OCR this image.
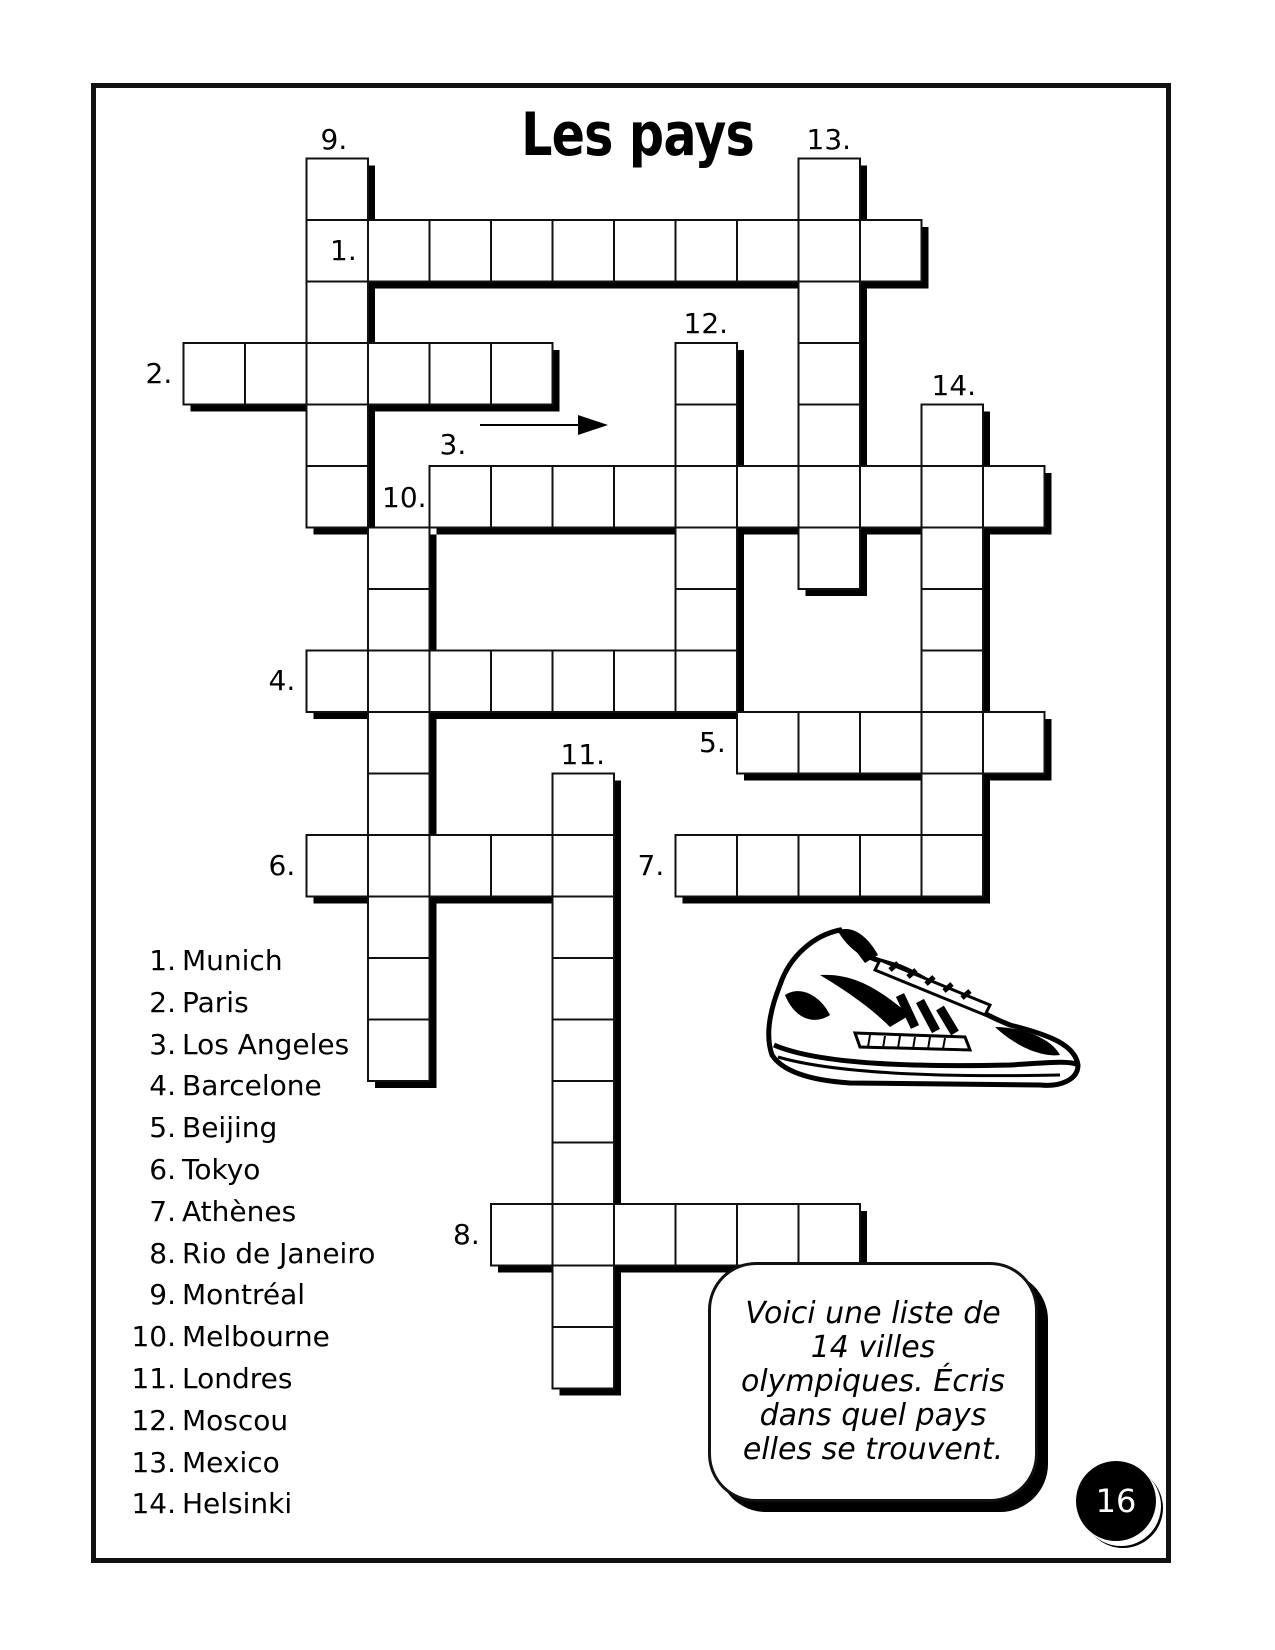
Les pays
1.
2.
3.
4.
5.
6.	7.
8.
9.
10.
11.
12.
13.
14.
1. Munich
2. Paris
3. Los Angeles
4. Barcelone
5. Beijing
6. Tokyo
7. Athènes
8. Rio de Janeiro
9. Montréal
10. Melbourne
11. Londres
12. Moscou
13. Mexico
14. Helsinki
Voici une liste de 14 villes olympiques. Écris dans quel pays elles se trouvent.
16
